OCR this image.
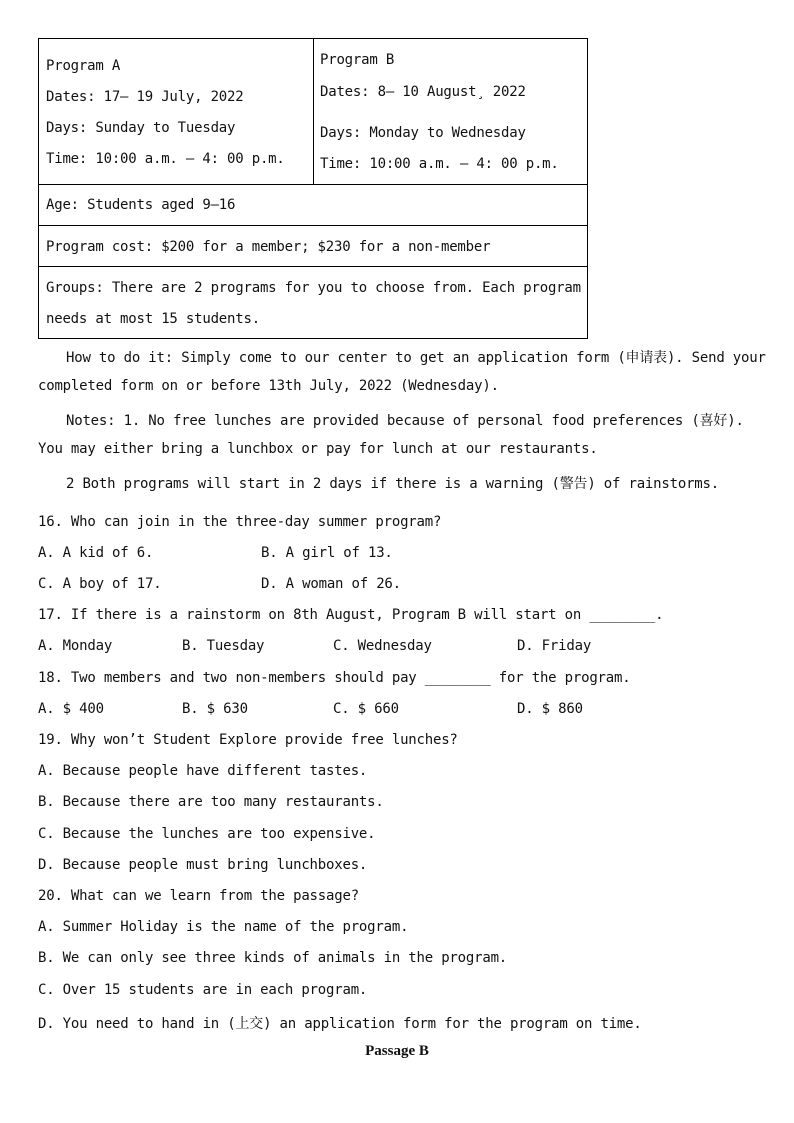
Program A
Dates: 17— 19 July, 2022
Days: Sunday to Tuesday
Time: 10:00 a.m. — 4: 00 p.m.
Program B
Dates: 8— 10 August¸ 2022
Days: Monday to Wednesday
Time: 10:00 a.m. — 4: 00 p.m.
Age: Students aged 9—16
Program cost: $200 for a member; $230 for a non-member
Groups: There are 2 programs for you to choose from. Each program
needs at most 15 students.
How to do it: Simply come to our center to get an application form (申请表). Send your
completed form on or before 13th July, 2022 (Wednesday).
Notes: 1. No free lunches are provided because of personal food preferences (喜好).
You may either bring a lunchbox or pay for lunch at our restaurants.
2 Both programs will start in 2 days if there is a warning (警告) of rainstorms.
16. Who can join in the three-day summer program?
A. A kid of 6.	B. A girl of 13.
C. A boy of 17.	D. A woman of 26.
17. If there is a rainstorm on 8th August, Program B will start on ________.
A. Monday	B. Tuesday	C. Wednesday	D. Friday
18. Two members and two non-members should pay ________ for the program.
A. $ 400	B. $ 630	C. $ 660	D. $ 860
19. Why won’t Student Explore provide free lunches?
A. Because people have different tastes.
B. Because there are too many restaurants.
C. Because the lunches are too expensive.
D. Because people must bring lunchboxes.
20. What can we learn from the passage?
A. Summer Holiday is the name of the program.
B. We can only see three kinds of animals in the program.
C. Over 15 students are in each program.
D. You need to hand in (上交) an application form for the program on time.
Passage B
